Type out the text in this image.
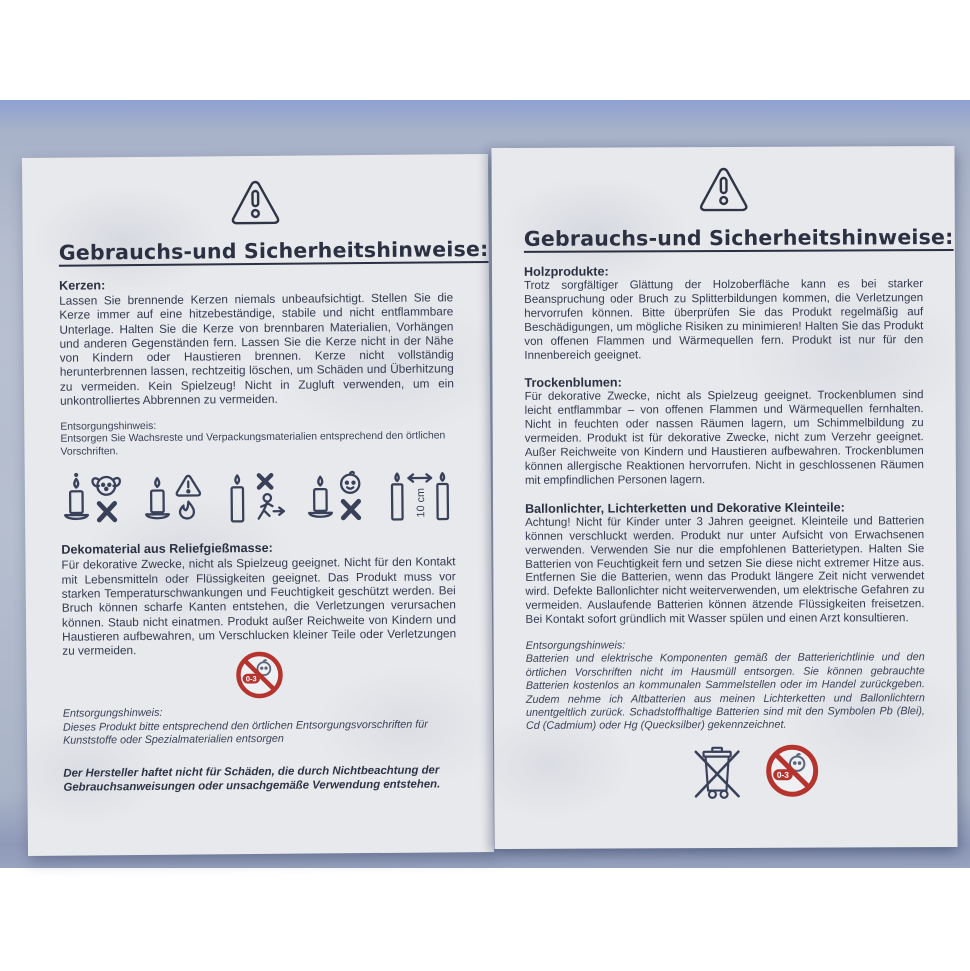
Gebrauchs-und Sicherheitshinweise:

Kerzen:

Lassen Sie brennende Kerzen niemals unbeaufsichtigt. Stellen Sie die Kerze immer auf eine hitzebeständige, stabile und nicht entflammbare Unterlage. Halten Sie die Kerze von brennbaren Materialien, Vorhängen und anderen Gegenständen fern. Lassen Sie die Kerze nicht in der Nähe von Kindern oder Haustieren brennen. Kerze nicht vollständig herunterbrennen lassen, rechtzeitig löschen, um Schäden und Überhitzung zu vermeiden. Kein Spielzeug! Nicht in Zugluft verwenden, um ein unkontrolliertes Abbrennen zu vermeiden.

Entsorgungshinweis:

Entsorgen Sie Wachsreste und Verpackungsmaterialien entsprechend den örtlichen Vorschriften.

10 cm

Dekomaterial aus Reliefgießmasse:

Für dekorative Zwecke, nicht als Spielzeug geeignet. Nicht für den Kontakt mit Lebensmitteln oder Flüssigkeiten geeignet. Das Produkt muss vor starken Temperaturschwankungen und Feuchtigkeit geschützt werden. Bei Bruch können scharfe Kanten entstehen, die Verletzungen verursachen können. Staub nicht einatmen. Produkt außer Reichweite von Kindern und Haustieren aufbewahren, um Verschlucken kleiner Teile oder Verletzungen zu vermeiden.

0-3

Entsorgungshinweis:

Dieses Produkt bitte entsprechend den örtlichen Entsorgungsvorschriften für Kunststoffe oder Spezialmaterialien entsorgen

Der Hersteller haftet nicht für Schäden, die durch Nichtbeachtung der Gebrauchsanweisungen oder unsachgemäße Verwendung entstehen.

Gebrauchs-und Sicherheitshinweise:

Holzprodukte:

Trotz sorgfältiger Glättung der Holzoberfläche kann es bei starker Beanspruchung oder Bruch zu Splitterbildungen kommen, die Verletzungen hervorrufen können. Bitte überprüfen Sie das Produkt regelmäßig auf Beschädigungen, um mögliche Risiken zu minimieren! Halten Sie das Produkt von offenen Flammen und Wärmequellen fern. Produkt ist nur für den Innenbereich geeignet.

Trockenblumen:

Für dekorative Zwecke, nicht als Spielzeug geeignet. Trockenblumen sind leicht entflammbar – von offenen Flammen und Wärmequellen fernhalten. Nicht in feuchten oder nassen Räumen lagern, um Schimmelbildung zu vermeiden. Produkt ist für dekorative Zwecke, nicht zum Verzehr geeignet. Außer Reichweite von Kindern und Haustieren aufbewahren. Trockenblumen können allergische Reaktionen hervorrufen. Nicht in geschlossenen Räumen mit empfindlichen Personen lagern.

Ballonlichter, Lichterketten und Dekorative Kleinteile:

Achtung! Nicht für Kinder unter 3 Jahren geeignet. Kleinteile und Batterien können verschluckt werden. Produkt nur unter Aufsicht von Erwachsenen verwenden. Verwenden Sie nur die empfohlenen Batterietypen. Halten Sie Batterien von Feuchtigkeit fern und setzen Sie diese nicht extremer Hitze aus. Entfernen Sie die Batterien, wenn das Produkt längere Zeit nicht verwendet wird. Defekte Ballonlichter nicht weiterverwenden, um elektrische Gefahren zu vermeiden. Auslaufende Batterien können ätzende Flüssigkeiten freisetzen. Bei Kontakt sofort gründlich mit Wasser spülen und einen Arzt konsultieren.

Entsorgungshinweis:

Batterien und elektrische Komponenten gemäß der Batterierichtlinie und den örtlichen Vorschriften nicht im Hausmüll entsorgen. Sie können gebrauchte Batterien kostenlos an kommunalen Sammelstellen oder im Handel zurückgeben. Zudem nehme ich Altbatterien aus meinen Lichterketten und Ballonlichtern unentgeltlich zurück. Schadstoffhaltige Batterien sind mit den Symbolen Pb (Blei), Cd (Cadmium) oder Hg (Quecksilber) gekennzeichnet.

0-3
